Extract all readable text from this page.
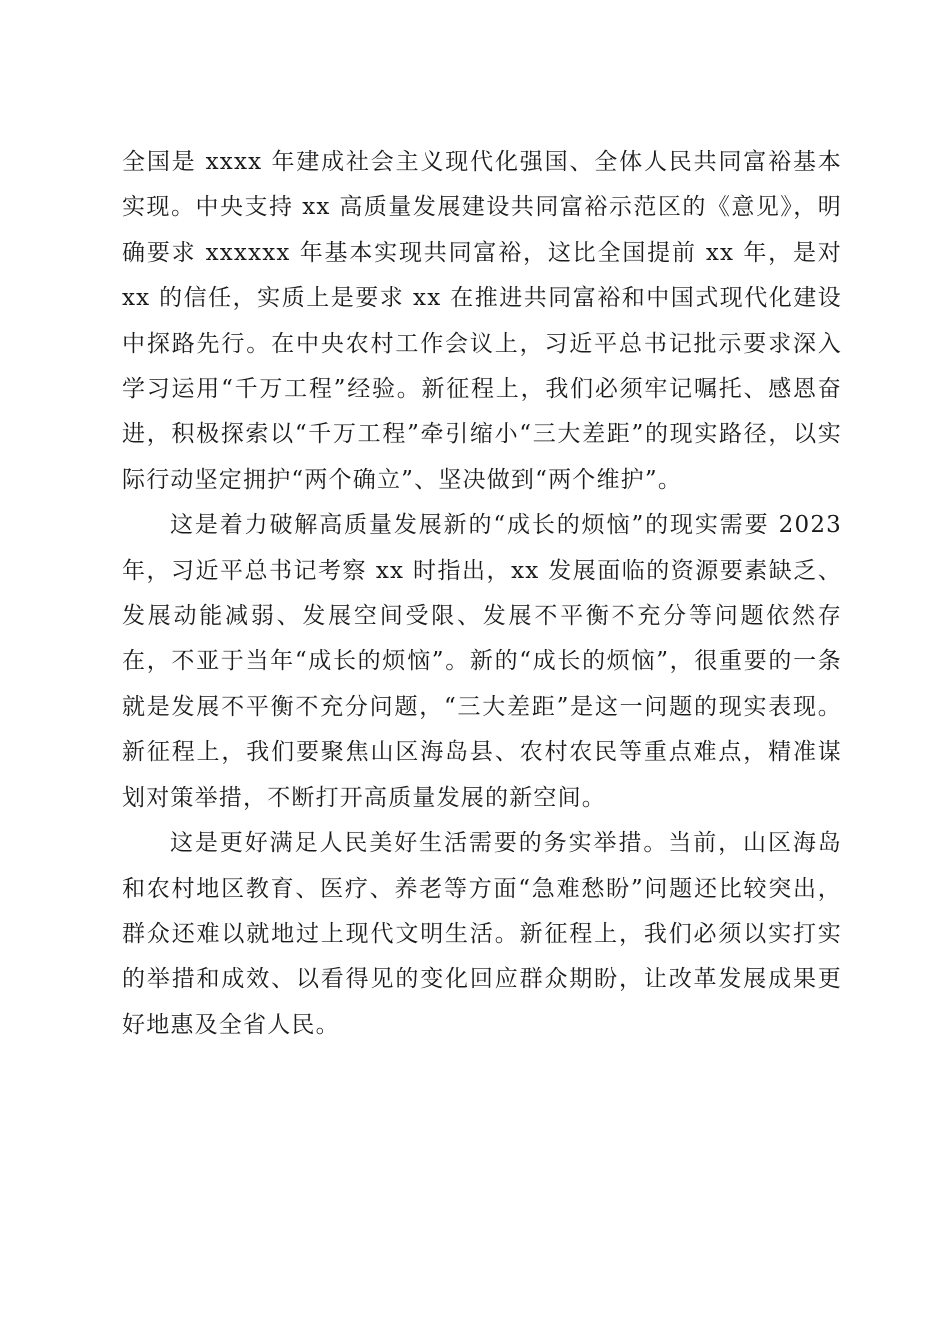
全国是 xxxx 年建成社会主义现代化强国、全体人民共同富裕基本实现。中央支持 xx 高质量发展建设共同富裕示范区的《意见》，明确要求 xxxxxx 年基本实现共同富裕，这比全国提前 xx 年，是对 xx 的信任，实质上是要求 xx 在推进共同富裕和中国式现代化建设中探路先行。在中央农村工作会议上，习近平总书记批示要求深入学习运用“千万工程”经验。新征程上，我们必须牢记嘱托、感恩奋进，积极探索以“千万工程”牵引缩小“三大差距”的现实路径，以实际行动坚定拥护“两个确立”、坚决做到“两个维护”。

这是着力破解高质量发展新的“成长的烦恼”的现实需要 2023 年，习近平总书记考察 xx 时指出，xx 发展面临的资源要素缺乏、发展动能减弱、发展空间受限、发展不平衡不充分等问题依然存在，不亚于当年“成长的烦恼”。新的“成长的烦恼”，很重要的一条就是发展不平衡不充分问题，“三大差距”是这一问题的现实表现。新征程上，我们要聚焦山区海岛县、农村农民等重点难点，精准谋划对策举措，不断打开高质量发展的新空间。

这是更好满足人民美好生活需要的务实举措。当前，山区海岛和农村地区教育、医疗、养老等方面“急难愁盼”问题还比较突出，群众还难以就地过上现代文明生活。新征程上，我们必须以实打实的举措和成效、以看得见的变化回应群众期盼，让改革发展成果更好地惠及全省人民。
